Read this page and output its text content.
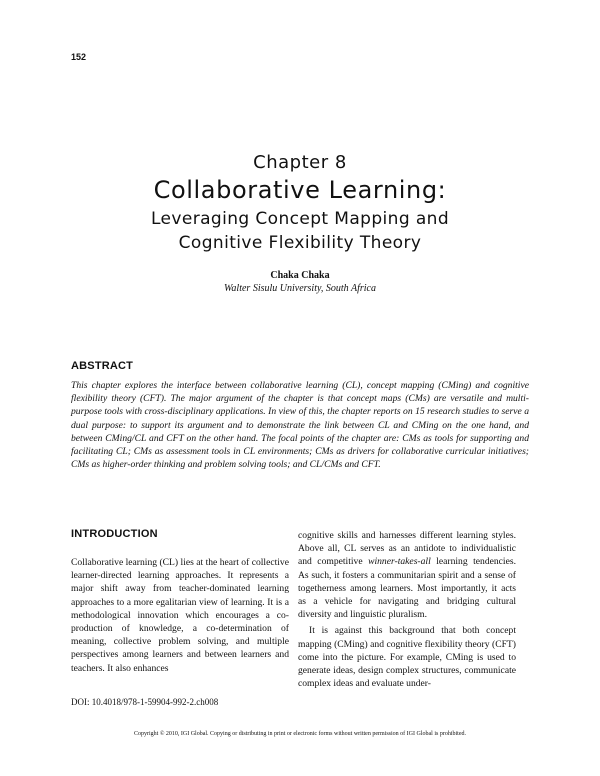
152
Chapter 8
Collaborative Learning:
Leveraging Concept Mapping and
Cognitive Flexibility Theory
Chaka Chaka
Walter Sisulu University, South Africa
ABSTRACT
This chapter explores the interface between collaborative learning (CL), concept mapping (CMing) and cognitive flexibility theory (CFT). The major argument of the chapter is that concept maps (CMs) are versatile and multi-purpose tools with cross-disciplinary applications. In view of this, the chapter reports on 15 research studies to serve a dual purpose: to support its argument and to demonstrate the link between CL and CMing on the one hand, and between CMing/CL and CFT on the other hand. The focal points of the chapter are: CMs as tools for supporting and facilitating CL; CMs as assessment tools in CL environments; CMs as drivers for collaborative curricular initiatives; CMs as higher-order thinking and problem solving tools; and CL/CMs and CFT.
INTRODUCTION
Collaborative learning (CL) lies at the heart of collective learner-directed learning approaches. It represents a major shift away from teacher-dominated learning approaches to a more egalitarian view of learning. It is a methodological innovation which encourages a co-production of knowledge, a co-determination of meaning, collective problem solving, and multiple perspectives among learners and between learners and teachers. It also enhances

cognitive skills and harnesses different learning styles. Above all, CL serves as an antidote to individualistic and competitive winner-takes-all learning tendencies. As such, it fosters a communitarian spirit and a sense of togetherness among learners. Most importantly, it acts as a vehicle for navigating and bridging cultural diversity and linguistic pluralism.

It is against this background that both concept mapping (CMing) and cognitive flexibility theory (CFT) come into the picture. For example, CMing is used to generate ideas, design complex structures, communicate complex ideas and evaluate under-

DOI: 10.4018/978-1-59904-992-2.ch008
Copyright © 2010, IGI Global. Copying or distributing in print or electronic forms without written permission of IGI Global is prohibited.
